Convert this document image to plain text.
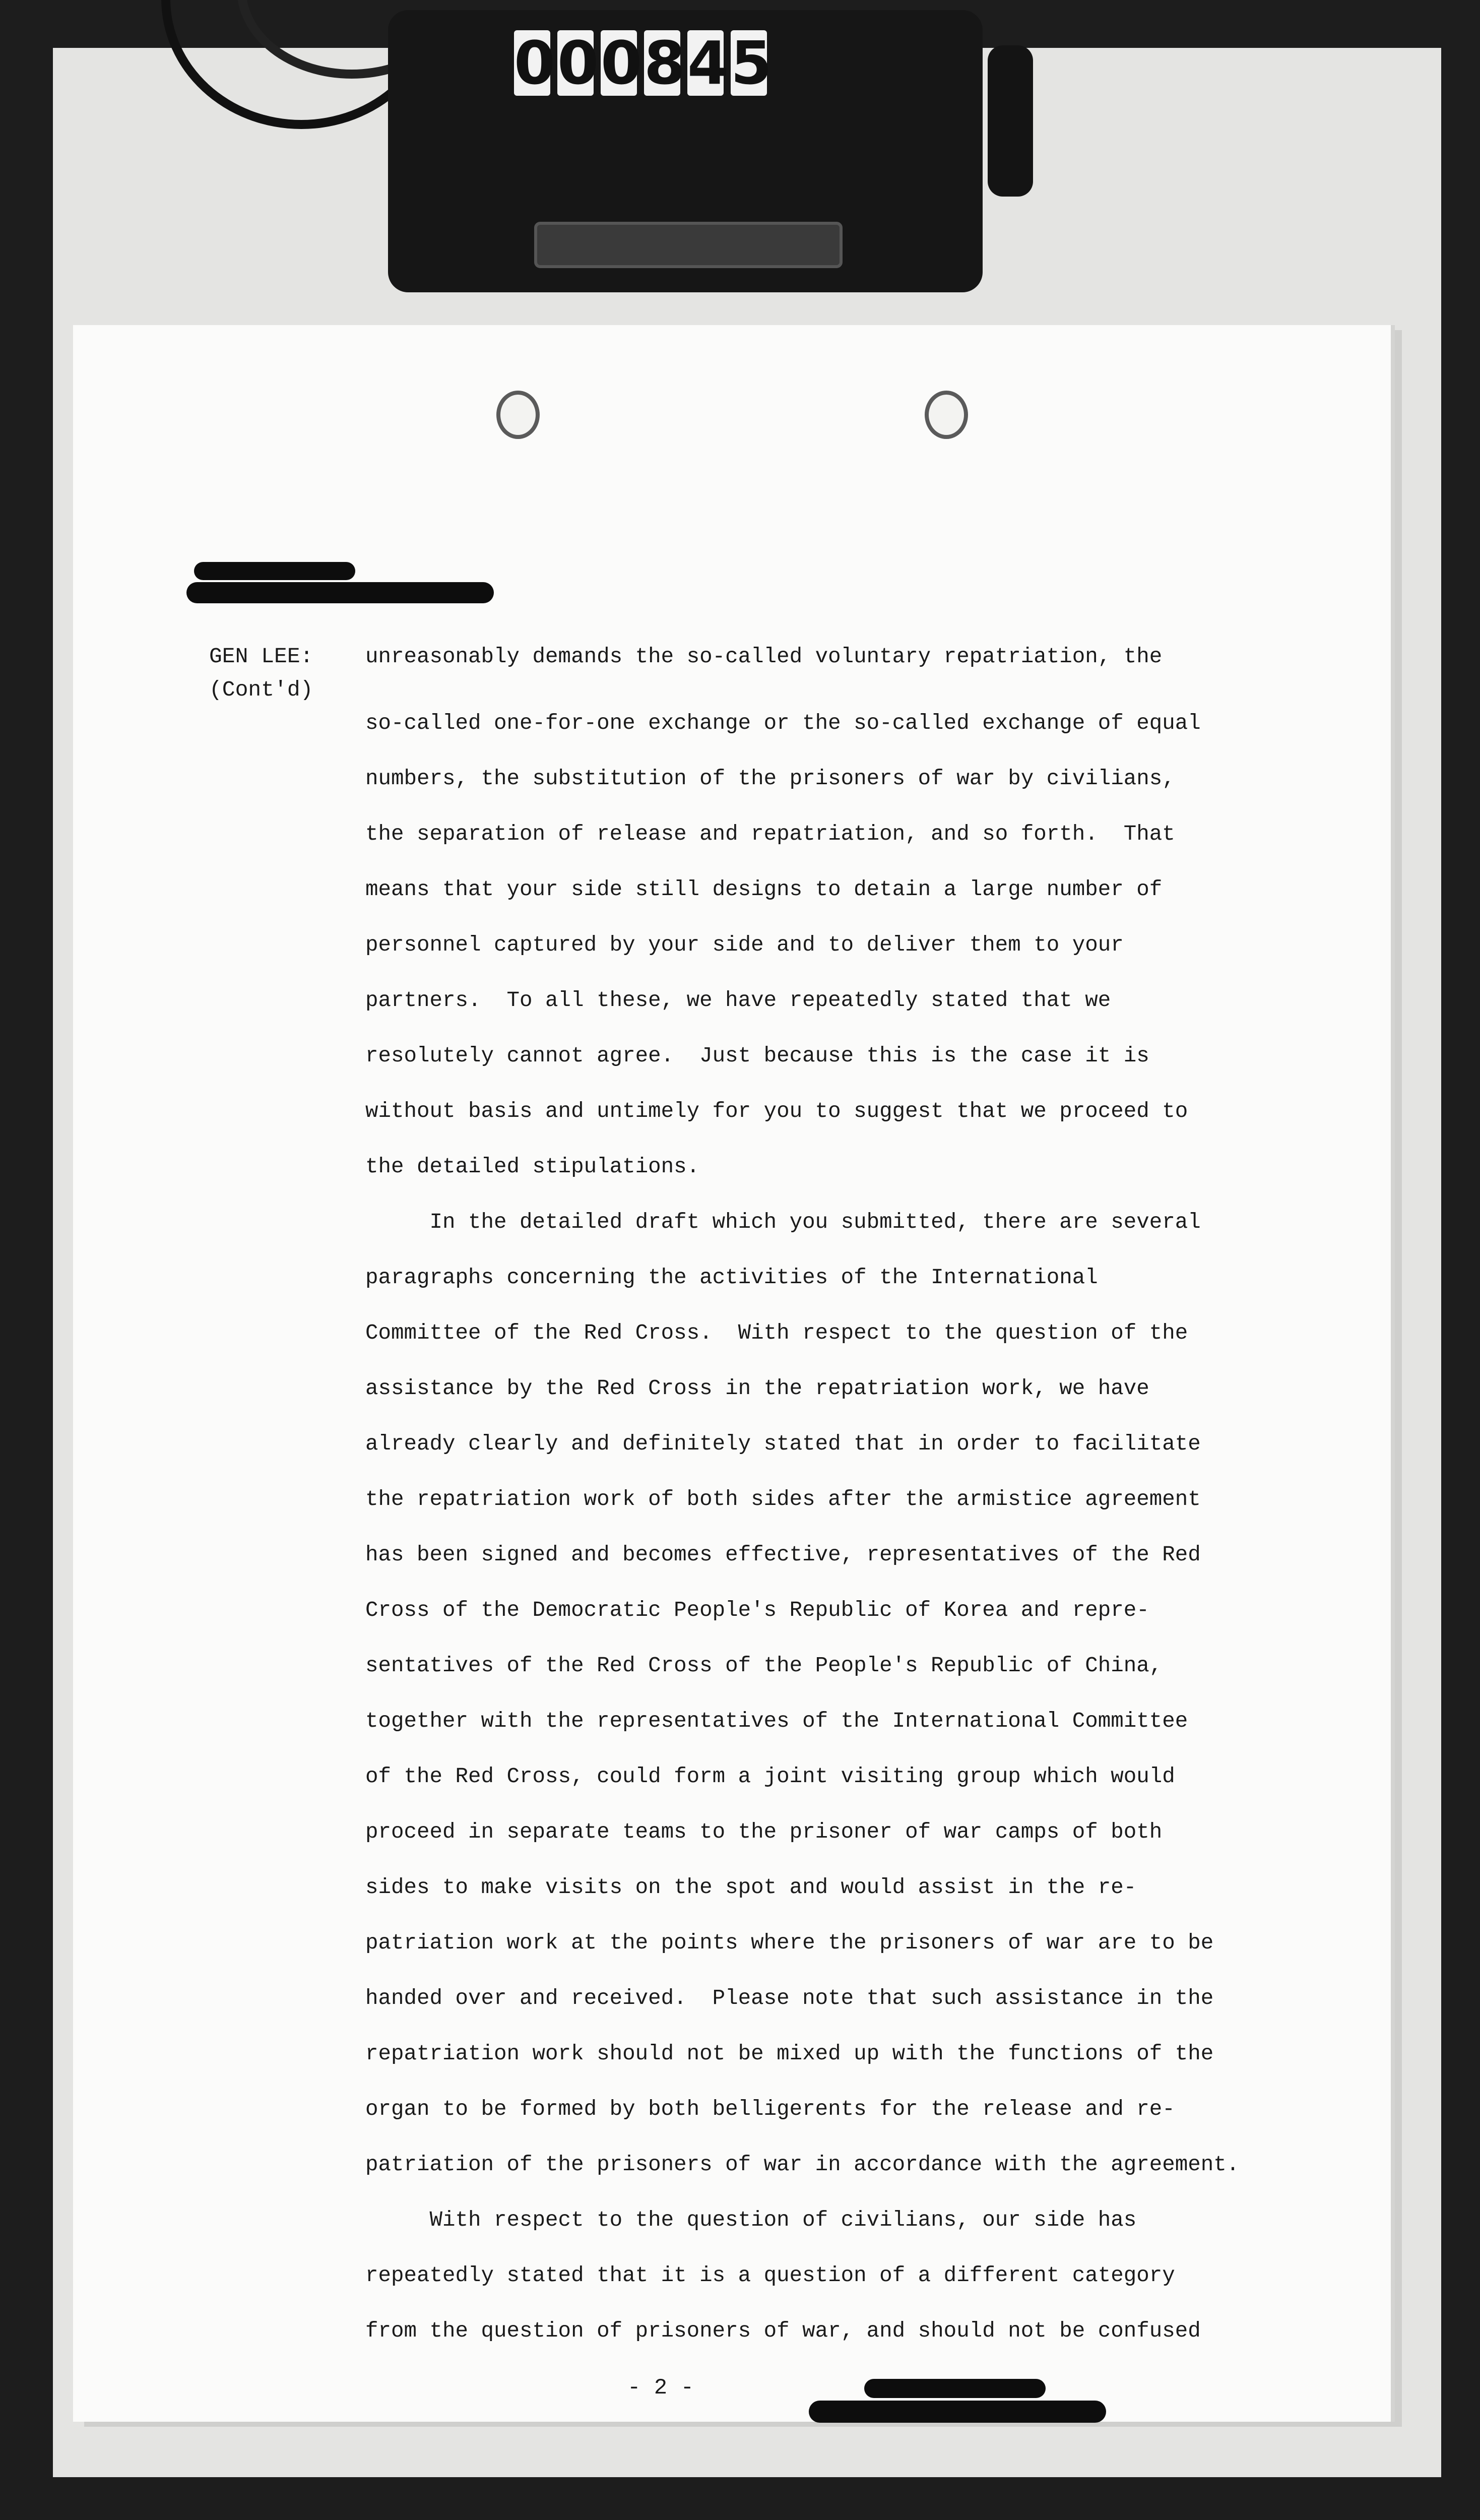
0 0 0 8 4 5
GEN LEE:
(Cont'd)
unreasonably demands the so-called voluntary repatriation, the
so-called one-for-one exchange or the so-called exchange of equal
numbers, the substitution of the prisoners of war by civilians,
the separation of release and repatriation, and so forth.  That
means that your side still designs to detain a large number of
personnel captured by your side and to deliver them to your
partners.  To all these, we have repeatedly stated that we
resolutely cannot agree.  Just because this is the case it is
without basis and untimely for you to suggest that we proceed to
the detailed stipulations.
In the detailed draft which you submitted, there are several
paragraphs concerning the activities of the International
Committee of the Red Cross.  With respect to the question of the
assistance by the Red Cross in the repatriation work, we have
already clearly and definitely stated that in order to facilitate
the repatriation work of both sides after the armistice agreement
has been signed and becomes effective, representatives of the Red
Cross of the Democratic People's Republic of Korea and repre-
sentatives of the Red Cross of the People's Republic of China,
together with the representatives of the International Committee
of the Red Cross, could form a joint visiting group which would
proceed in separate teams to the prisoner of war camps of both
sides to make visits on the spot and would assist in the re-
patriation work at the points where the prisoners of war are to be
handed over and received.  Please note that such assistance in the
repatriation work should not be mixed up with the functions of the
organ to be formed by both belligerents for the release and re-
patriation of the prisoners of war in accordance with the agreement.
With respect to the question of civilians, our side has
repeatedly stated that it is a question of a different category
from the question of prisoners of war, and should not be confused
- 2 -
